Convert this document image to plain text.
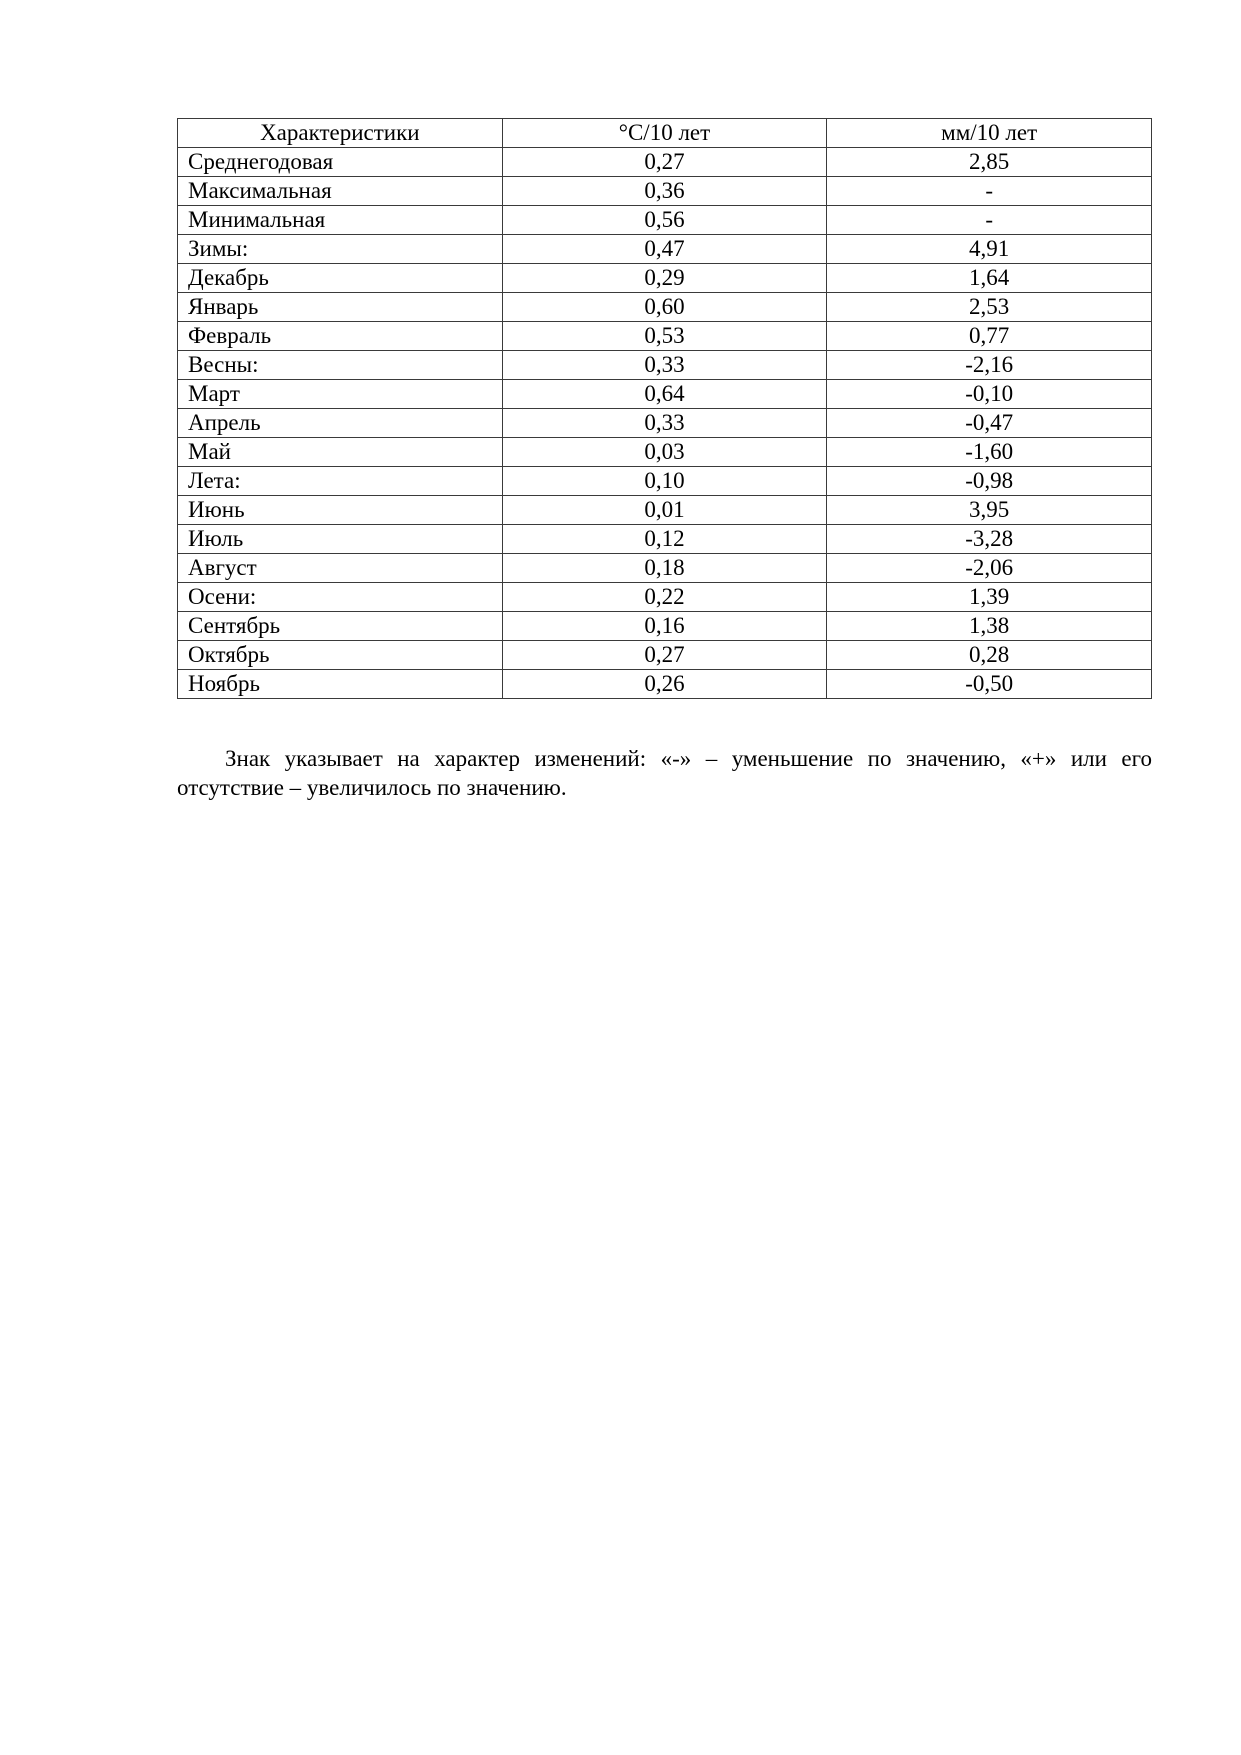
Характеристики	°С/10 лет	мм/10 лет
Среднегодовая	0,27	2,85
Максимальная	0,36	-
Минимальная	0,56	-
Зимы:	0,47	4,91
Декабрь	0,29	1,64
Январь	0,60	2,53
Февраль	0,53	0,77
Весны:	0,33	-2,16
Март	0,64	-0,10
Апрель	0,33	-0,47
Май	0,03	-1,60
Лета:	0,10	-0,98
Июнь	0,01	3,95
Июль	0,12	-3,28
Август	0,18	-2,06
Осени:	0,22	1,39
Сентябрь	0,16	1,38
Октябрь	0,27	0,28
Ноябрь	0,26	-0,50

Знак указывает на характер изменений: «-» – уменьшение по значению, «+» или его отсутствие – увеличилось по значению.
